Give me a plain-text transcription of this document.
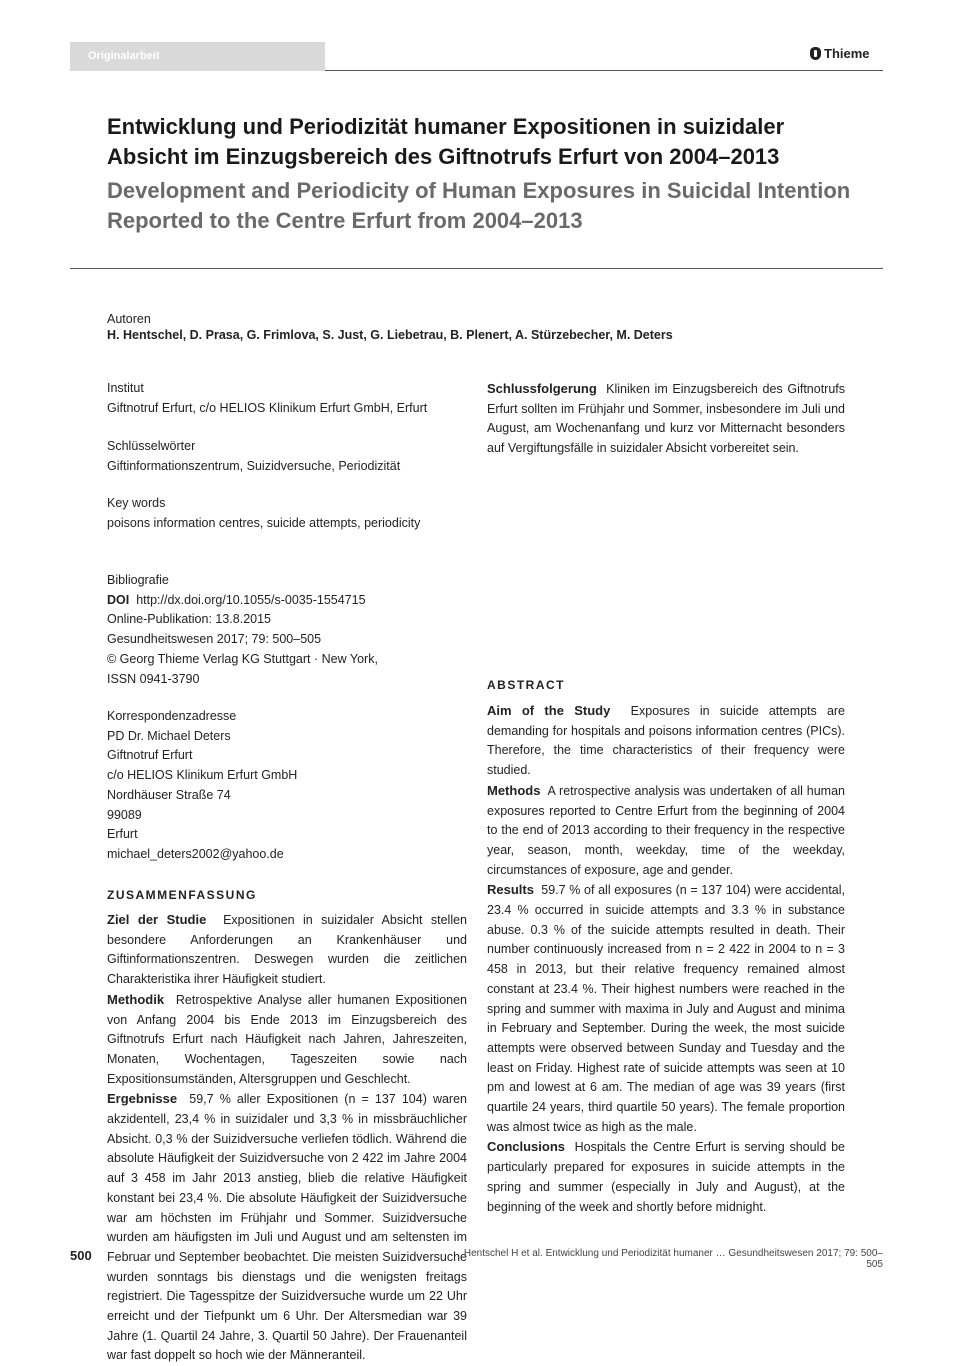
Originalarbeit	Thieme
Entwicklung und Periodizität humaner Expositionen in suizidaler Absicht im Einzugsbereich des Giftnotrufs Erfurt von 2004–2013
Development and Periodicity of Human Exposures in Suicidal Intention Reported to the Centre Erfurt from 2004–2013
Autoren
H. Hentschel, D. Prasa, G. Frimlova, S. Just, G. Liebetrau, B. Plenert, A. Stürzebecher, M. Deters
Institut
Giftnotruf Erfurt, c/o HELIOS Klinikum Erfurt GmbH, Erfurt
Schlüsselwörter
Giftinformationszentrum, Suizidversuche, Periodizität
Key words
poisons information centres, suicide attempts, periodicity
Bibliografie
DOI http://dx.doi.org/10.1055/s-0035-1554715
Online-Publikation: 13.8.2015
Gesundheitswesen 2017; 79: 500–505
© Georg Thieme Verlag KG Stuttgart · New York,
ISSN 0941-3790
Korrespondenzadresse
PD Dr. Michael Deters
Giftnotruf Erfurt
c/o HELIOS Klinikum Erfurt GmbH
Nordhäuser Straße 74
99089
Erfurt
michael_deters2002@yahoo.de
ZUSAMMENFASSUNG
Ziel der Studie Expositionen in suizidaler Absicht stellen besondere Anforderungen an Krankenhäuser und Giftinformationszentren. Deswegen wurden die zeitlichen Charakteristika ihrer Häufigkeit studiert.
Methodik Retrospektive Analyse aller humanen Expositionen von Anfang 2004 bis Ende 2013 im Einzugsbereich des Giftnotrufs Erfurt nach Häufigkeit nach Jahren, Jahreszeiten, Monaten, Wochentagen, Tageszeiten sowie nach Expositionsumständen, Altersgruppen und Geschlecht.
Ergebnisse 59,7 % aller Expositionen (n = 137 104) waren akzidentell, 23,4 % in suizidaler und 3,3 % in missbräuchlicher Absicht. 0,3 % der Suizidversuche verliefen tödlich. Während die absolute Häufigkeit der Suizidversuche von 2 422 im Jahre 2004 auf 3 458 im Jahr 2013 anstieg, blieb die relative Häufigkeit konstant bei 23,4 %. Die absolute Häufigkeit der Suizidversuche war am höchsten im Frühjahr und Sommer. Suizidversuche wurden am häufigsten im Juli und August und am seltensten im Februar und September beobachtet. Die meisten Suizidversuche wurden sonntags bis dienstags und die wenigsten freitags registriert. Die Tagesspitze der Suizidversuche wurde um 22 Uhr erreicht und der Tiefpunkt um 6 Uhr. Der Altersmedian war 39 Jahre (1. Quartil 24 Jahre, 3. Quartil 50 Jahre). Der Frauenanteil war fast doppelt so hoch wie der Männeranteil.
Schlussfolgerung Kliniken im Einzugsbereich des Giftnotrufs Erfurt sollten im Frühjahr und Sommer, insbesondere im Juli und August, am Wochenanfang und kurz vor Mitternacht besonders auf Vergiftungsfälle in suizidaler Absicht vorbereitet sein.
ABSTRACT
Aim of the Study Exposures in suicide attempts are demanding for hospitals and poisons information centres (PICs). Therefore, the time characteristics of their frequency were studied.
Methods A retrospective analysis was undertaken of all human exposures reported to Centre Erfurt from the beginning of 2004 to the end of 2013 according to their frequency in the respective year, season, month, weekday, time of the weekday, circumstances of exposure, age and gender.
Results 59.7 % of all exposures (n = 137 104) were accidental, 23.4 % occurred in suicide attempts and 3.3 % in substance abuse. 0.3 % of the suicide attempts resulted in death. Their number continuously increased from n = 2 422 in 2004 to n = 3 458 in 2013, but their relative frequency remained almost constant at 23.4 %. Their highest numbers were reached in the spring and summer with maxima in July and August and minima in February and September. During the week, the most suicide attempts were observed between Sunday and Tuesday and the least on Friday. Highest rate of suicide attempts was seen at 10 pm and lowest at 6 am. The median of age was 39 years (first quartile 24 years, third quartile 50 years). The female proportion was almost twice as high as the male.
Conclusions Hospitals the Centre Erfurt is serving should be particularly prepared for exposures in suicide attempts in the spring and summer (especially in July and August), at the beginning of the week and shortly before midnight.
500	Hentschel H et al. Entwicklung und Periodizität humaner … Gesundheitswesen 2017; 79: 500–505
